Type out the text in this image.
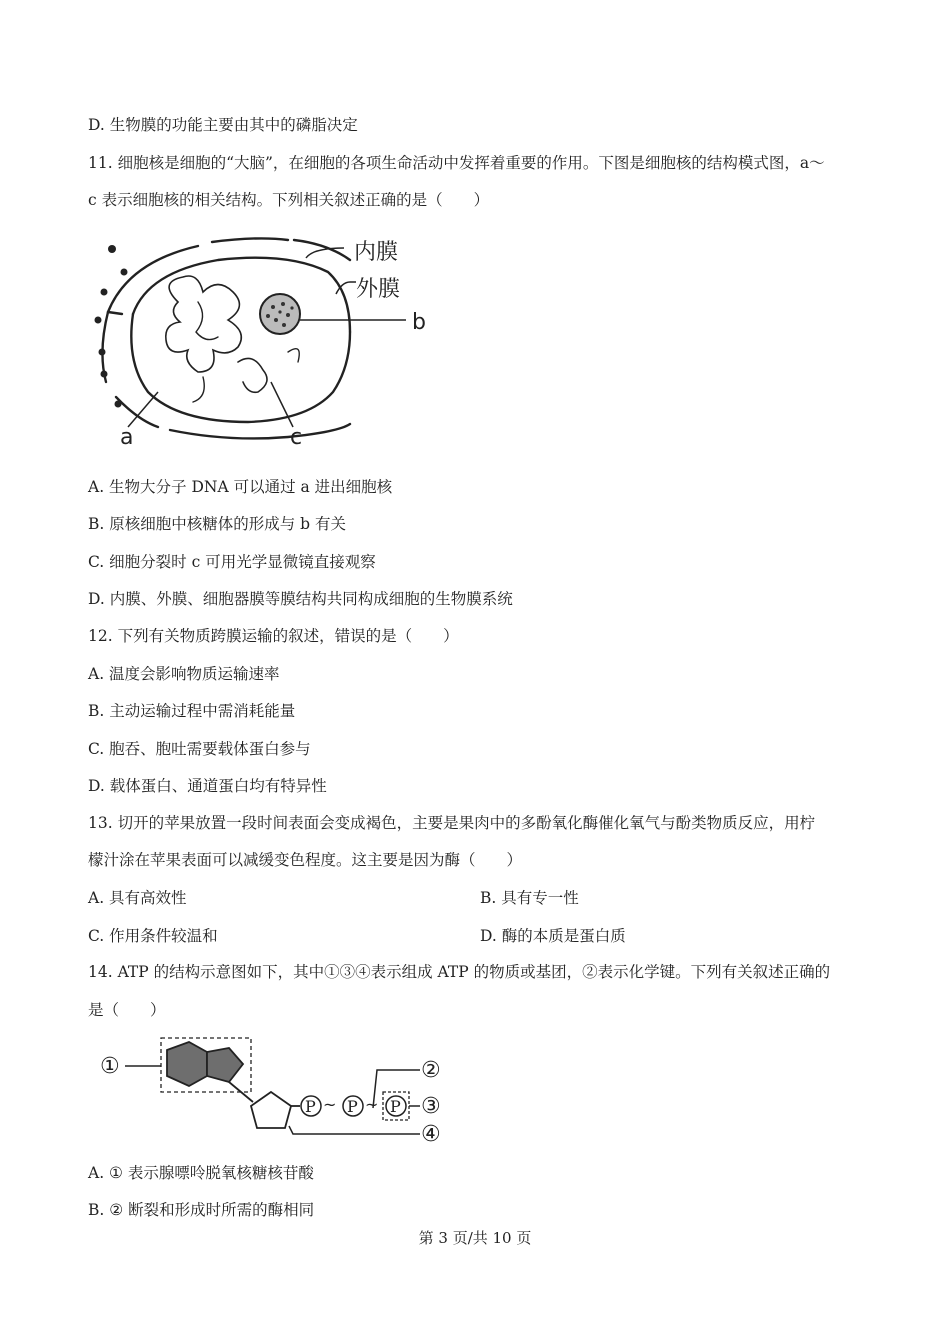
D. 生物膜的功能主要由其中的磷脂决定
11. 细胞核是细胞的“大脑”，在细胞的各项生命活动中发挥着重要的作用。下图是细胞核的结构模式图，a～
c 表示细胞核的相关结构。下列相关叙述正确的是（　　）
内膜
外膜
b
a	c
A. 生物大分子 DNA 可以通过 a 进出细胞核
B. 原核细胞中核糖体的形成与 b 有关
C. 细胞分裂时 c 可用光学显微镜直接观察
D. 内膜、外膜、细胞器膜等膜结构共同构成细胞的生物膜系统
12. 下列有关物质跨膜运输的叙述，错误的是（　　）
A. 温度会影响物质运输速率
B. 主动运输过程中需消耗能量
C. 胞吞、胞吐需要载体蛋白参与
D. 载体蛋白、通道蛋白均有特异性
13. 切开的苹果放置一段时间表面会变成褐色，主要是果肉中的多酚氧化酶催化氧气与酚类物质反应，用柠
檬汁涂在苹果表面可以减缓变色程度。这主要是因为酶（　　）
A. 具有高效性	B. 具有专一性
C. 作用条件较温和	D. 酶的本质是蛋白质
14. ATP 的结构示意图如下，其中①③④表示组成 ATP 的物质或基团，②表示化学键。下列有关叙述正确的
是（　　）
①
P ~ P ~ P
②
③
④
A. ① 表示腺嘌呤脱氧核糖核苷酸
B. ② 断裂和形成时所需的酶相同
第 3 页/共 10 页
